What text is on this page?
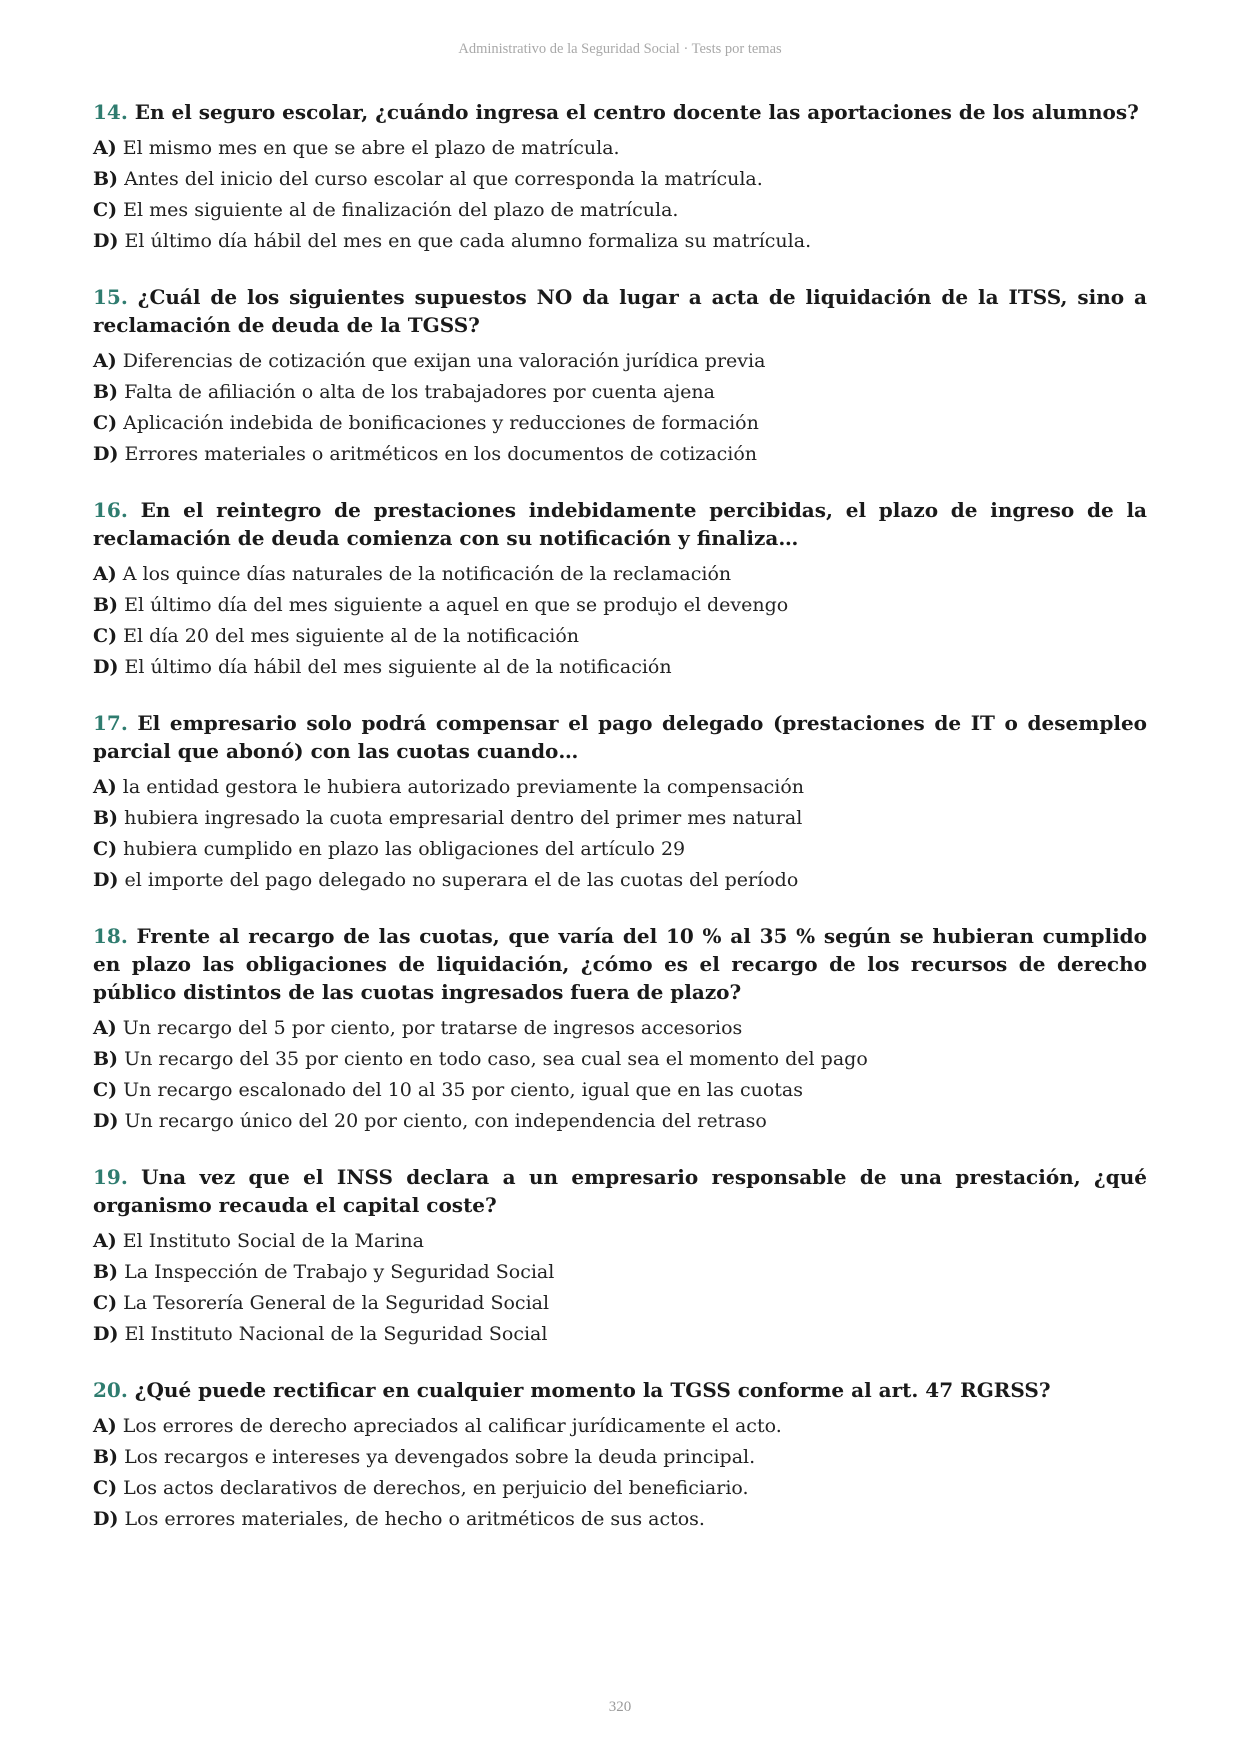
Administrativo de la Seguridad Social · Tests por temas
14. En el seguro escolar, ¿cuándo ingresa el centro docente las aportaciones de los alumnos?
A) El mismo mes en que se abre el plazo de matrícula.
B) Antes del inicio del curso escolar al que corresponda la matrícula.
C) El mes siguiente al de finalización del plazo de matrícula.
D) El último día hábil del mes en que cada alumno formaliza su matrícula.
15. ¿Cuál de los siguientes supuestos NO da lugar a acta de liquidación de la ITSS, sino a reclamación de deuda de la TGSS?
A) Diferencias de cotización que exijan una valoración jurídica previa
B) Falta de afiliación o alta de los trabajadores por cuenta ajena
C) Aplicación indebida de bonificaciones y reducciones de formación
D) Errores materiales o aritméticos en los documentos de cotización
16. En el reintegro de prestaciones indebidamente percibidas, el plazo de ingreso de la reclamación de deuda comienza con su notificación y finaliza…
A) A los quince días naturales de la notificación de la reclamación
B) El último día del mes siguiente a aquel en que se produjo el devengo
C) El día 20 del mes siguiente al de la notificación
D) El último día hábil del mes siguiente al de la notificación
17. El empresario solo podrá compensar el pago delegado (prestaciones de IT o desempleo parcial que abonó) con las cuotas cuando…
A) la entidad gestora le hubiera autorizado previamente la compensación
B) hubiera ingresado la cuota empresarial dentro del primer mes natural
C) hubiera cumplido en plazo las obligaciones del artículo 29
D) el importe del pago delegado no superara el de las cuotas del período
18. Frente al recargo de las cuotas, que varía del 10 % al 35 % según se hubieran cumplido en plazo las obligaciones de liquidación, ¿cómo es el recargo de los recursos de derecho público distintos de las cuotas ingresados fuera de plazo?
A) Un recargo del 5 por ciento, por tratarse de ingresos accesorios
B) Un recargo del 35 por ciento en todo caso, sea cual sea el momento del pago
C) Un recargo escalonado del 10 al 35 por ciento, igual que en las cuotas
D) Un recargo único del 20 por ciento, con independencia del retraso
19. Una vez que el INSS declara a un empresario responsable de una prestación, ¿qué organismo recauda el capital coste?
A) El Instituto Social de la Marina
B) La Inspección de Trabajo y Seguridad Social
C) La Tesorería General de la Seguridad Social
D) El Instituto Nacional de la Seguridad Social
20. ¿Qué puede rectificar en cualquier momento la TGSS conforme al art. 47 RGRSS?
A) Los errores de derecho apreciados al calificar jurídicamente el acto.
B) Los recargos e intereses ya devengados sobre la deuda principal.
C) Los actos declarativos de derechos, en perjuicio del beneficiario.
D) Los errores materiales, de hecho o aritméticos de sus actos.
320
